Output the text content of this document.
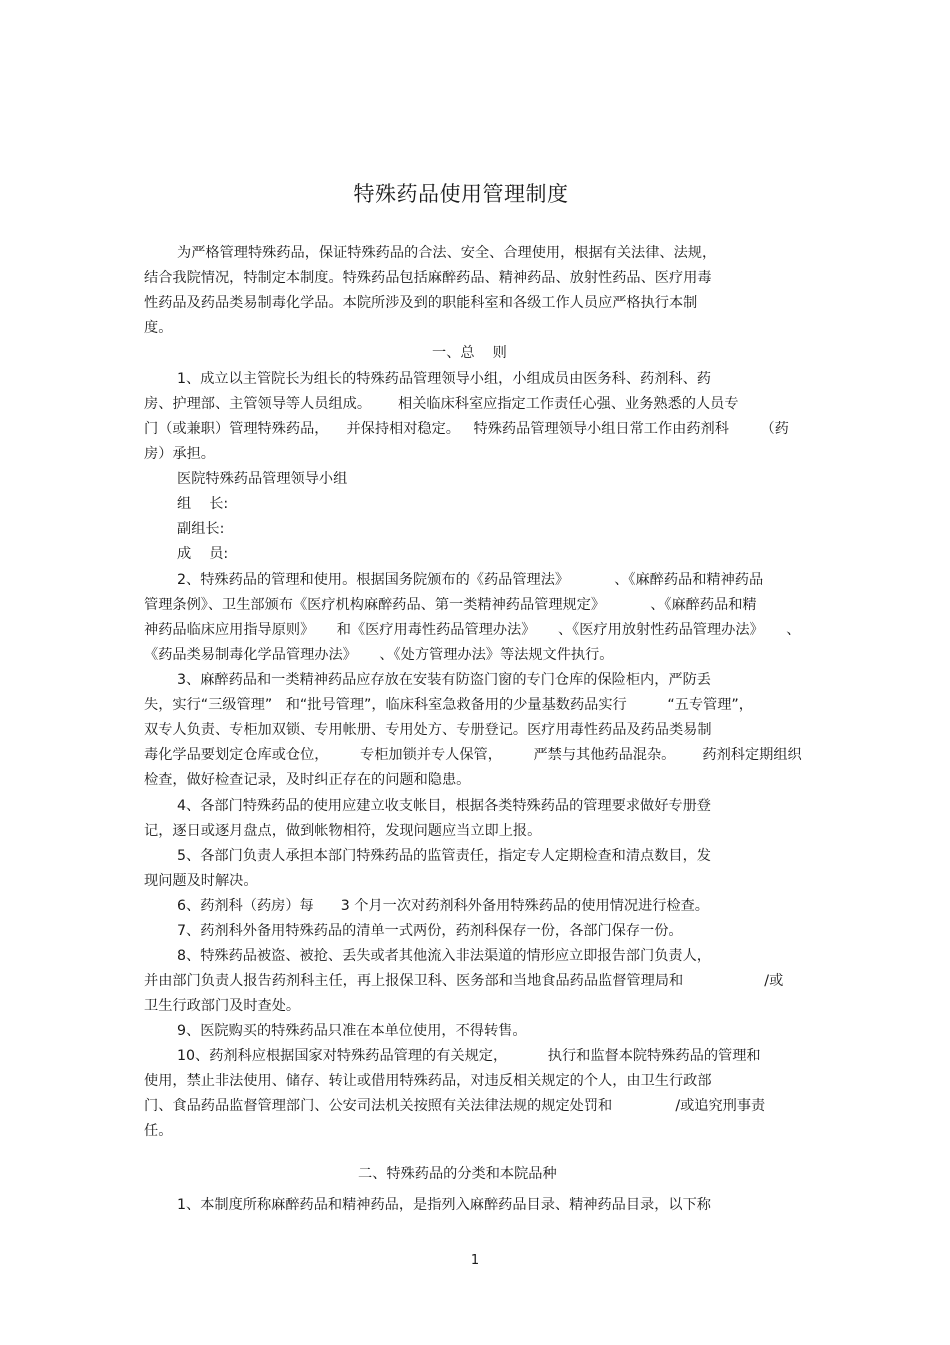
特殊药品使用管理制度
为严格管理特殊药品，保证特殊药品的合法、安全、合理使用，根据有关法律、法规，
结合我院情况，特制定本制度。特殊药品包括麻醉药品、精神药品、放射性药品、医疗用毒
性药品及药品类易制毒化学品。本院所涉及到的职能科室和各级工作人员应严格执行本制
度。
一、总    则
1、成立以主管院长为组长的特殊药品管理领导小组，小组成员由医务科、药剂科、药
房、护理部、主管领导等人员组成。      相关临床科室应指定工作责任心强、业务熟悉的人员专
门（或兼职）管理特殊药品，    并保持相对稳定。   特殊药品管理领导小组日常工作由药剂科       （药
房）承担。
医院特殊药品管理领导小组
组    长:
副组长:
成    员:
2、特殊药品的管理和使用。根据国务院颁布的《药品管理法》          、《麻醉药品和精神药品
管理条例》、卫生部颁布《医疗机构麻醉药品、第一类精神药品管理规定》          、《麻醉药品和精
神药品临床应用指导原则》     和《医疗用毒性药品管理办法》     、《医疗用放射性药品管理办法》     、
《药品类易制毒化学品管理办法》     、《处方管理办法》等法规文件执行。
3、麻醉药品和一类精神药品应存放在安装有防盗门窗的专门仓库的保险柜内，严防丢
失，实行“三级管理”   和“批号管理”，临床科室急救备用的少量基数药品实行         “五专管理”，
双专人负责、专柜加双锁、专用帐册、专用处方、专册登记。医疗用毒性药品及药品类易制
毒化学品要划定仓库或仓位，       专柜加锁并专人保管，       严禁与其他药品混杂。      药剂科定期组织
检查，做好检查记录，及时纠正存在的问题和隐患。
4、各部门特殊药品的使用应建立收支帐目，根据各类特殊药品的管理要求做好专册登
记，逐日或逐月盘点，做到帐物相符，发现问题应当立即上报。
5、各部门负责人承担本部门特殊药品的监管责任，指定专人定期检查和清点数目，发
现问题及时解决。
6、药剂科（药房）每      3 个月一次对药剂科外备用特殊药品的使用情况进行检查。
7、药剂科外备用特殊药品的清单一式两份，药剂科保存一份，各部门保存一份。
8、特殊药品被盗、被抢、丢失或者其他流入非法渠道的情形应立即报告部门负责人，
并由部门负责人报告药剂科主任，再上报保卫科、医务部和当地食品药品监督管理局和                  /或
卫生行政部门及时查处。
9、医院购买的特殊药品只准在本单位使用，不得转售。
10、药剂科应根据国家对特殊药品管理的有关规定，         执行和监督本院特殊药品的管理和
使用，禁止非法使用、储存、转让或借用特殊药品，对违反相关规定的个人，由卫生行政部
门、食品药品监督管理部门、公安司法机关按照有关法律法规的规定处罚和              /或追究刑事责
任。
二、特殊药品的分类和本院品种
1、本制度所称麻醉药品和精神药品，是指列入麻醉药品目录、精神药品目录，以下称
1
